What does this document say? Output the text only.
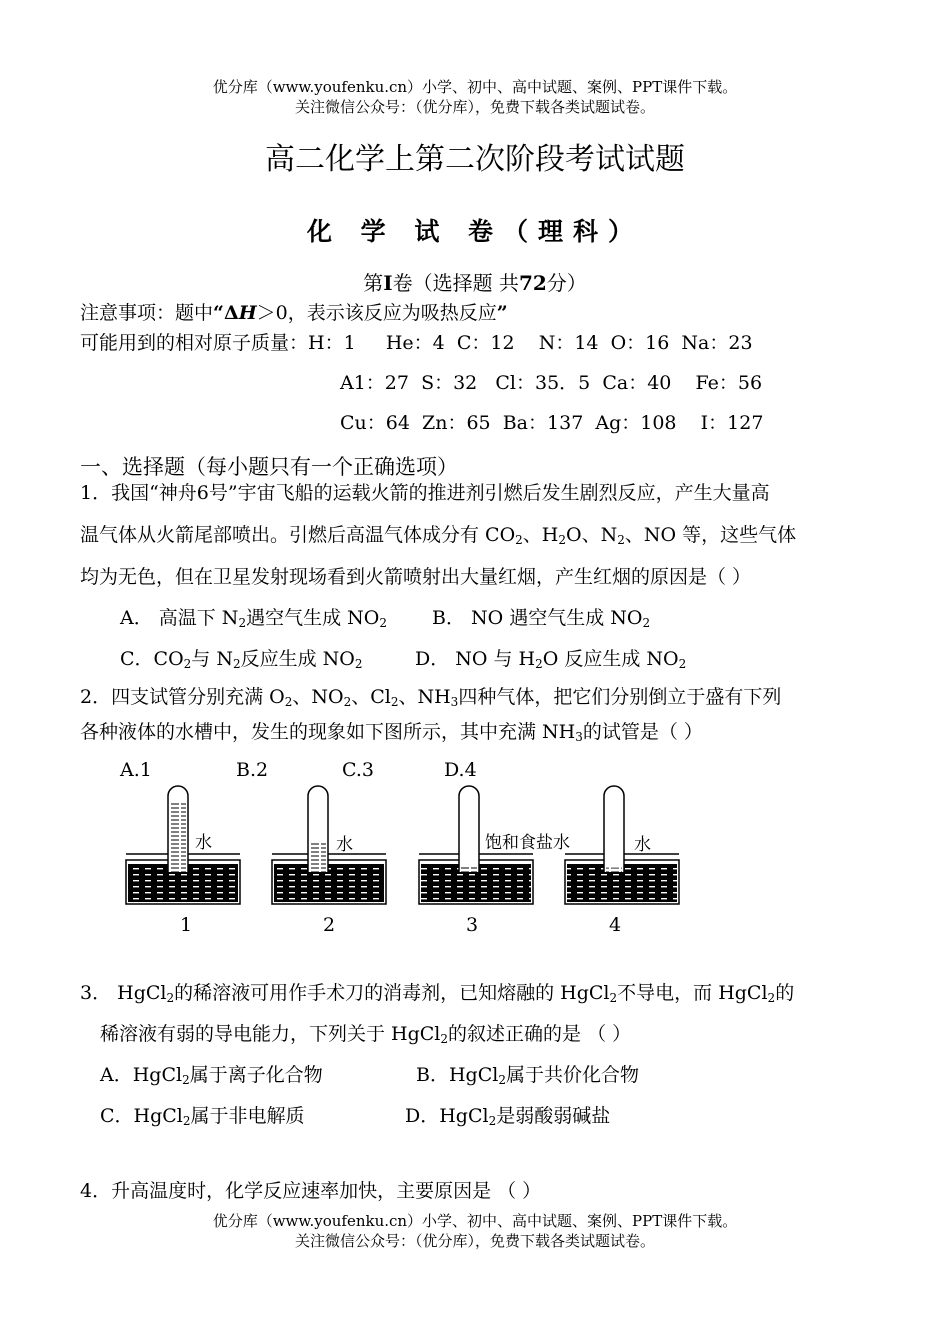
优分库（www.youfenku.cn）小学、初中、高中试题、案例、PPT课件下载。
关注微信公众号：（优分库），免费下载各类试题试卷。
高二化学上第二次阶段考试试题
化 学 试 卷（理科）
第I卷（选择题 共72分）
注意事项：题中“ΔH＞0，表示该反应为吸热反应”
可能用到的相对原子质量：H：1     He：4  C：12    N：14  O：16  Na：23
A1：27  S：32   Cl：35．5  Ca：40    Fe：56
Cu：64  Zn：65  Ba：137  Ag：108    I：127
一、选择题（每小题只有一个正确选项）
1．我国“神舟6号”宇宙飞船的运载火箭的推进剂引燃后发生剧烈反应，产生大量高
温气体从火箭尾部喷出。引燃后高温气体成分有 $CO_2$、$H_2O$、$N_2$、NO 等，这些气体
均为无色，但在卫星发射现场看到火箭喷射出大量红烟，产生红烟的原因是（ ）
A． 高温下 $N_2$遇空气生成 $NO_2$ B． NO 遇空气生成 $NO_2$
C．$CO_2$与 $N_2$反应生成 $NO_2$	D． NO 与 $H_2O$ 反应生成 $NO_2$
2．四支试管分别充满 $O_2$、$NO_2$、$Cl_2$、$NH_3$四种气体，把它们分别倒立于盛有下列
各种液体的水槽中，发生的现象如下图所示，其中充满 $NH_3$的试管是（ ）
A.1	B.2	C.3	D.4
水	水	饱和食盐水	水
1	2	3	4
3． HgCl$_2$的稀溶液可用作手术刀的消毒剂，已知熔融的 HgCl$_2$不导电，而 HgCl$_2$的
稀溶液有弱的导电能力，下列关于 HgCl$_2$的叙述正确的是 （ ）
A．HgCl$_2$属于离子化合物	B．HgCl$_2$属于共价化合物
C．HgCl$_2$属于非电解质	D．HgCl$_2$是弱酸弱碱盐
4．升高温度时，化学反应速率加快，主要原因是 （ ）
优分库（www.youfenku.cn）小学、初中、高中试题、案例、PPT课件下载。
关注微信公众号：（优分库），免费下载各类试题试卷。
